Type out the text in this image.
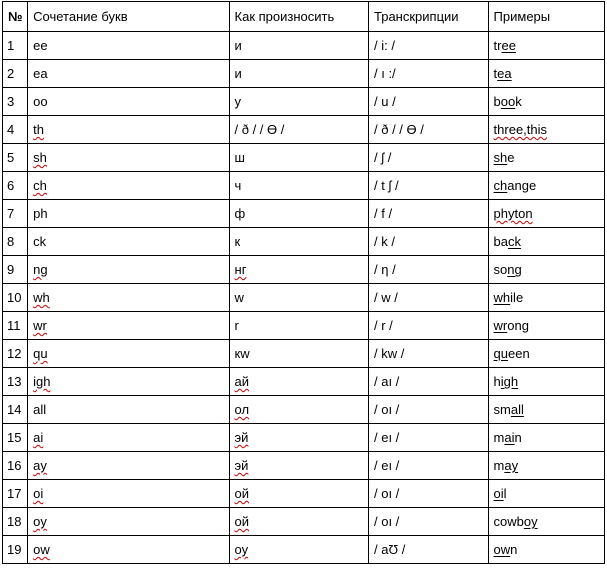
№	Сочетание букв	Как произносить	Транскрипции	Примеры
1	ee	и	/ i: /	tree
2	ea	и	/ ı :/	tea
3	oo	у	/ u /	book
4	th	/ ð / / Ө /	/ ð / / Ө /	three,this
5	sh	ш	/ ʃ /	she
6	ch	ч	/ t ʃ /	change
7	ph	ф	/ f /	phyton
8	ck	к	/ k /	back
9	ng	нг	/ ƞ /	song
10	wh	w	/ w /	while
11	wr	r	/ r /	wrong
12	qu	кw	/ kw /	queen
13	igh	ай	/ aı /	high
14	all	ол	/ oı /	small
15	ai	эй	/ eı /	main
16	ay	эй	/ eı /	may
17	oi	ой	/ oı /	oil
18	oy	ой	/ oı /	cowboy
19	ow	оу	/ aƱ /	own
